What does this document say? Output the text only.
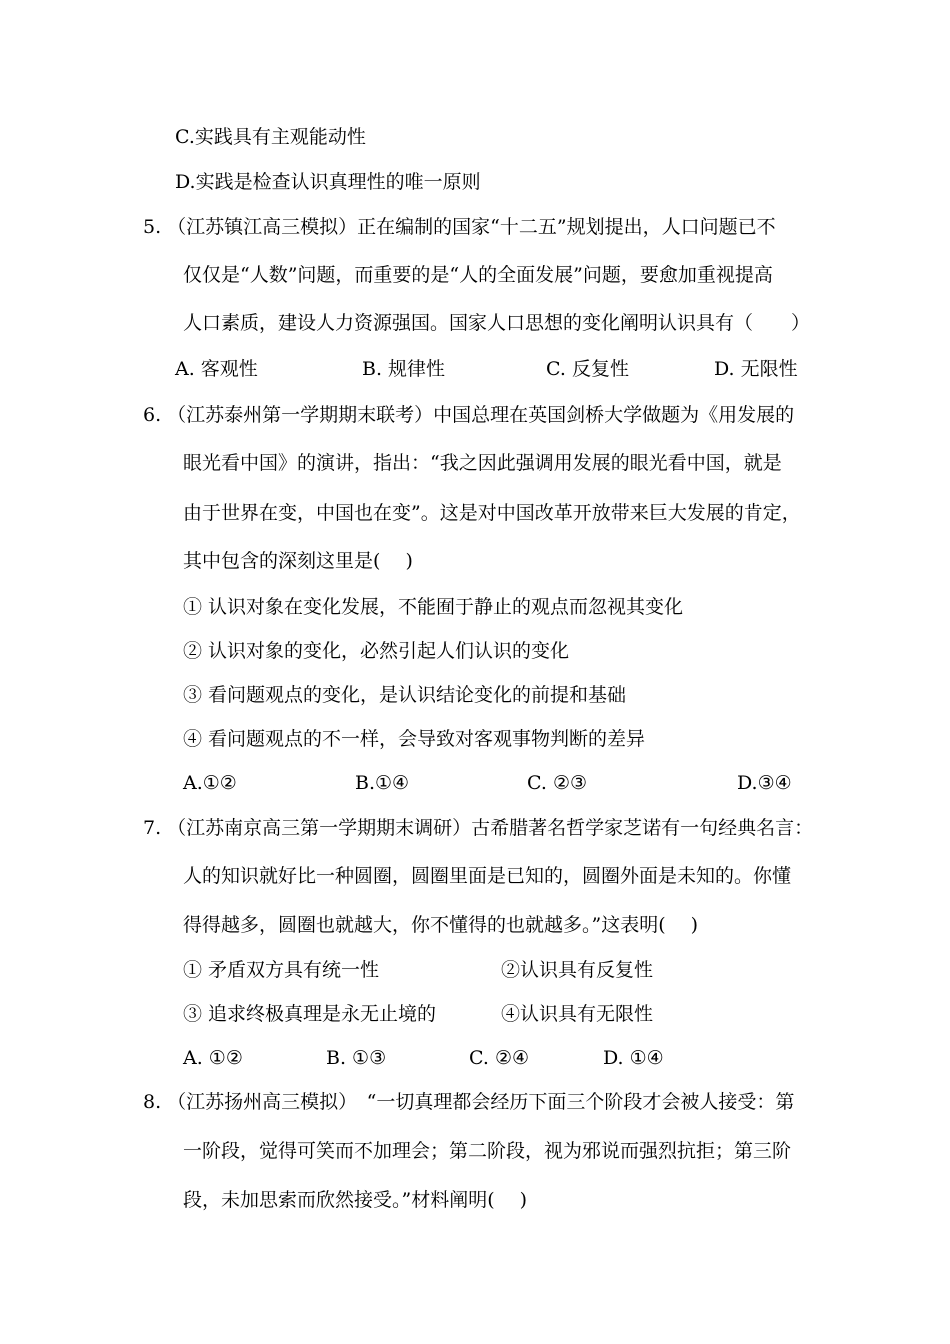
C.实践具有主观能动性
D.实践是检查认识真理性的唯一原则
5. （江苏镇江高三模拟）正在编制的国家“十二五”规划提出，人口问题已不
仅仅是“人数”问题，而重要的是“人的全面发展”问题，要愈加重视提高
人口素质，建设人力资源强国。国家人口思想的变化阐明认识具有（　　）
A. 客观性	B. 规律性	C. 反复性	D. 无限性
6. （江苏泰州第一学期期末联考）中国总理在英国剑桥大学做题为《用发展的
眼光看中国》的演讲，指出：“我之因此强调用发展的眼光看中国，就是
由于世界在变，中国也在变”。这是对中国改革开放带来巨大发展的肯定，
其中包含的深刻这里是(　 )
① 认识对象在变化发展，不能囿于静止的观点而忽视其变化
② 认识对象的变化，必然引起人们认识的变化
③ 看问题观点的变化，是认识结论变化的前提和基础
④ 看问题观点的不一样，会导致对客观事物判断的差异
A.①②	B.①④	C. ②③	D.③④
7. （江苏南京高三第一学期期末调研）古希腊著名哲学家芝诺有一句经典名言：
人的知识就好比一种圆圈，圆圈里面是已知的，圆圈外面是未知的。你懂
得得越多，圆圈也就越大，你不懂得的也就越多。”这表明(　 )
① 矛盾双方具有统一性	②认识具有反复性
③ 追求终极真理是永无止境的	④认识具有无限性
A. ①②	B. ①③	C. ②④	D. ①④
8. （江苏扬州高三模拟）　“一切真理都会经历下面三个阶段才会被人接受：第
一阶段，觉得可笑而不加理会；第二阶段，视为邪说而强烈抗拒；第三阶
段，未加思索而欣然接受。”材料阐明(　 )
